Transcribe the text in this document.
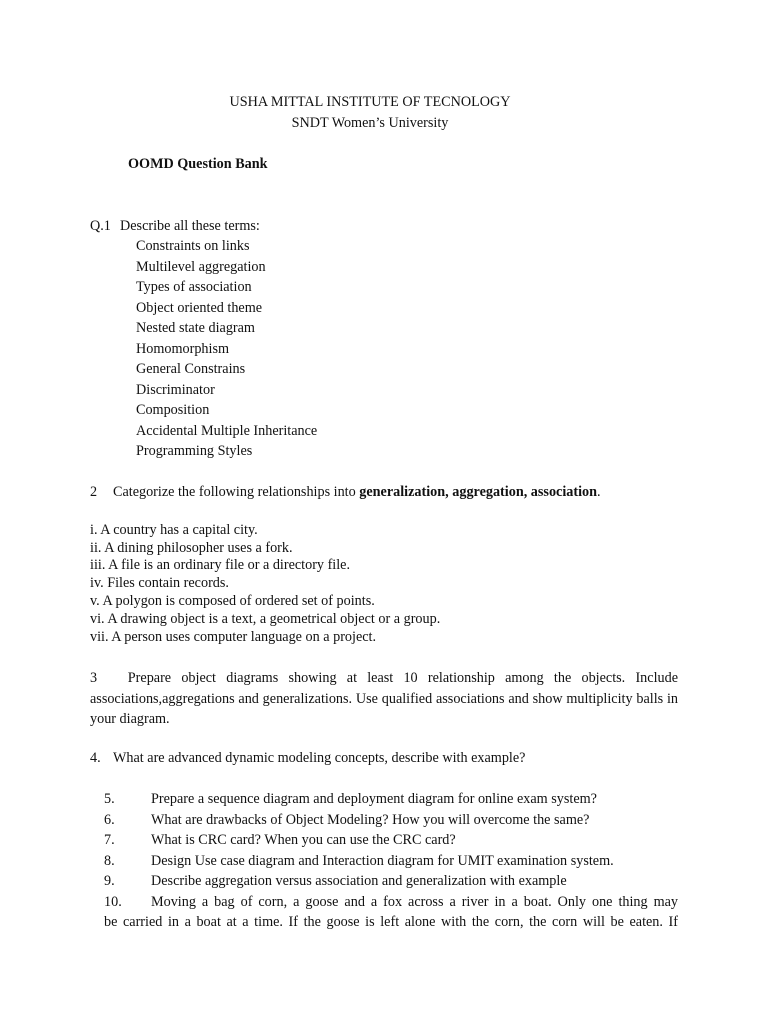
USHA MITTAL INSTITUTE OF TECNOLOGY
SNDT Women’s University
OOMD Question Bank
Q.1 Describe all these terms:
Constraints on links
Multilevel aggregation
Types of association
Object oriented theme
Nested state diagram
Homomorphism
General Constrains
Discriminator
Composition
Accidental Multiple Inheritance
Programming Styles
2 Categorize the following relationships into generalization, aggregation, association.
i. A country has a capital city.
ii. A dining philosopher uses a fork.
iii. A file is an ordinary file or a directory file.
iv. Files contain records.
v. A polygon is composed of ordered set of points.
vi. A drawing object is a text, a geometrical object or a group.
vii. A person uses computer language on a project.
3 Prepare object diagrams showing at least 10 relationship among the objects. Include associations,aggregations and generalizations. Use qualified associations and show multiplicity balls in your diagram.
4. What are advanced dynamic modeling concepts, describe with example?
5.	Prepare a sequence diagram and deployment diagram for online exam system?
6.	What are drawbacks of Object Modeling? How you will overcome the same?
7.	What is CRC card? When you can use the CRC card?
8.	Design Use case diagram and Interaction diagram for UMIT examination system.
9.	Describe aggregation versus association and generalization with example
10. Moving a bag of corn, a goose and a fox across a river in a boat. Only one thing may
be carried in a boat at a time. If the goose is left alone with the corn, the corn will be eaten. If
